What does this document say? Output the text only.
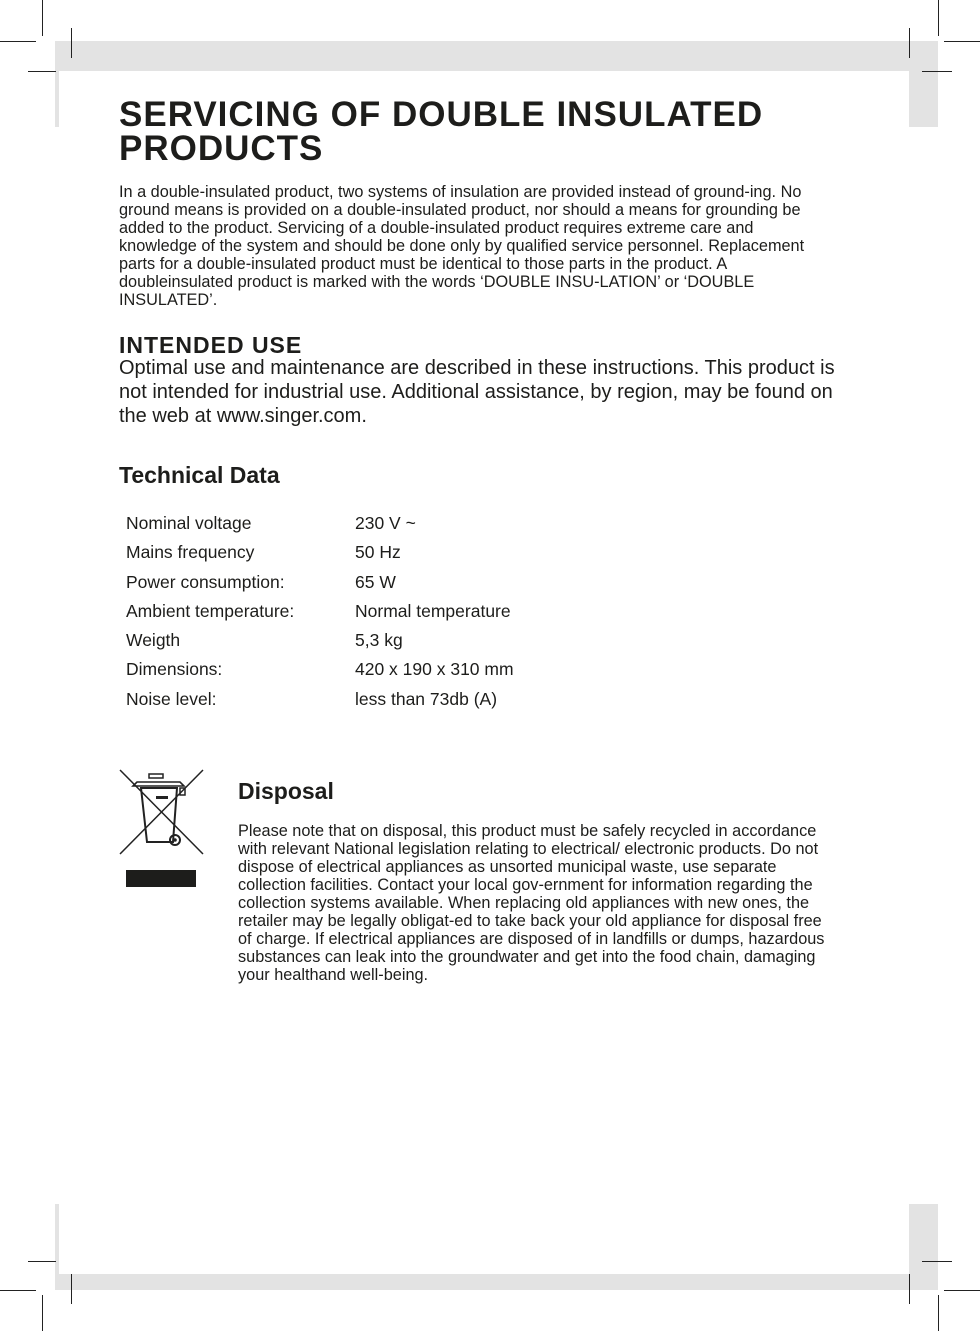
SERVICING OF DOUBLE INSULATED PRODUCTS

In a double-insulated product, two systems of insulation are provided instead of ground-ing. No ground means is provided on a double-insulated product, nor should a means for grounding be added to the product. Servicing of a double-insulated product requires extreme care and knowledge of the system and should be done only by qualified service personnel. Replacement parts for a double-insulated product must be identical to those parts in the product. A doubleinsulated product is marked with the words ‘DOUBLE INSU-LATION’ or ‘DOUBLE INSULATED’.

INTENDED USE

Optimal use and maintenance are described in these instructions. This product is not intended for industrial use. Additional assistance, by region, may be found on the web at www.singer.com.

Technical Data
Nominal voltage	230 V ~
Mains frequency	50 Hz
Power consumption:	65 W
Ambient temperature:	Normal temperature
Weigth	5,3 kg
Dimensions:	420 x 190 x 310 mm
Noise level:	less than 73db (A)
Disposal

Please note that on disposal, this product must be safely recycled in accordance with relevant National legislation relating to electrical/ electronic products. Do not dispose of electrical appliances as unsorted municipal waste, use separate collection facilities. Contact your local gov-ernment for information regarding the collection systems available. When replacing old appliances with new ones, the retailer may be legally obligat-ed to take back your old appliance for disposal free of charge. If electrical appliances are disposed of in landfills or dumps, hazardous substances can leak into the groundwater and get into the food chain, damaging your healthand well-being.
